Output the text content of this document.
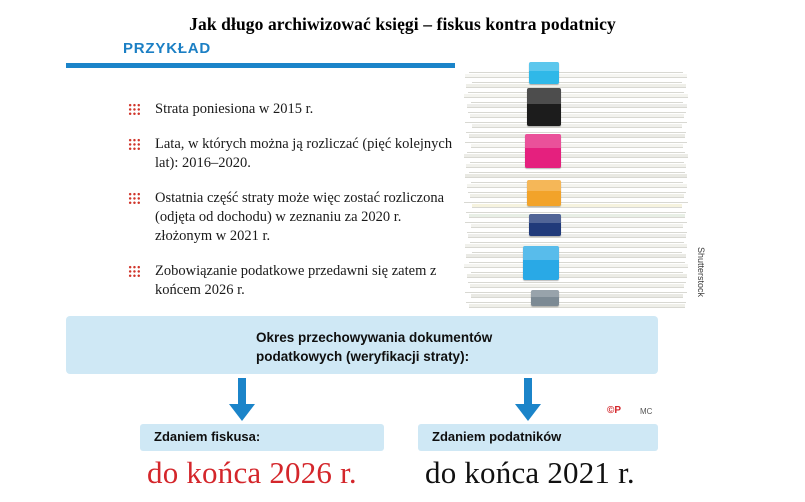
Jak długo archiwizować księgi – fiskus kontra podatnicy
PRZYKŁAD
Strata poniesiona w 2015 r.
Lata, w których można ją rozliczać (pięć kolejnych lat): 2016–2020.
Ostatnia część straty może więc zostać rozliczona (odjęta od dochodu) w zeznaniu za 2020 r. złożonym w 2021 r.
Zobowiązanie podatkowe przedawni się zatem z końcem 2026 r.	Shutterstock
Okres przechowywania dokumentów
podatkowych (weryfikacji straty):
Zdaniem fiskusa:	Zdaniem podatników
do końca 2026 r. do końca 2021 r.
©P MC
